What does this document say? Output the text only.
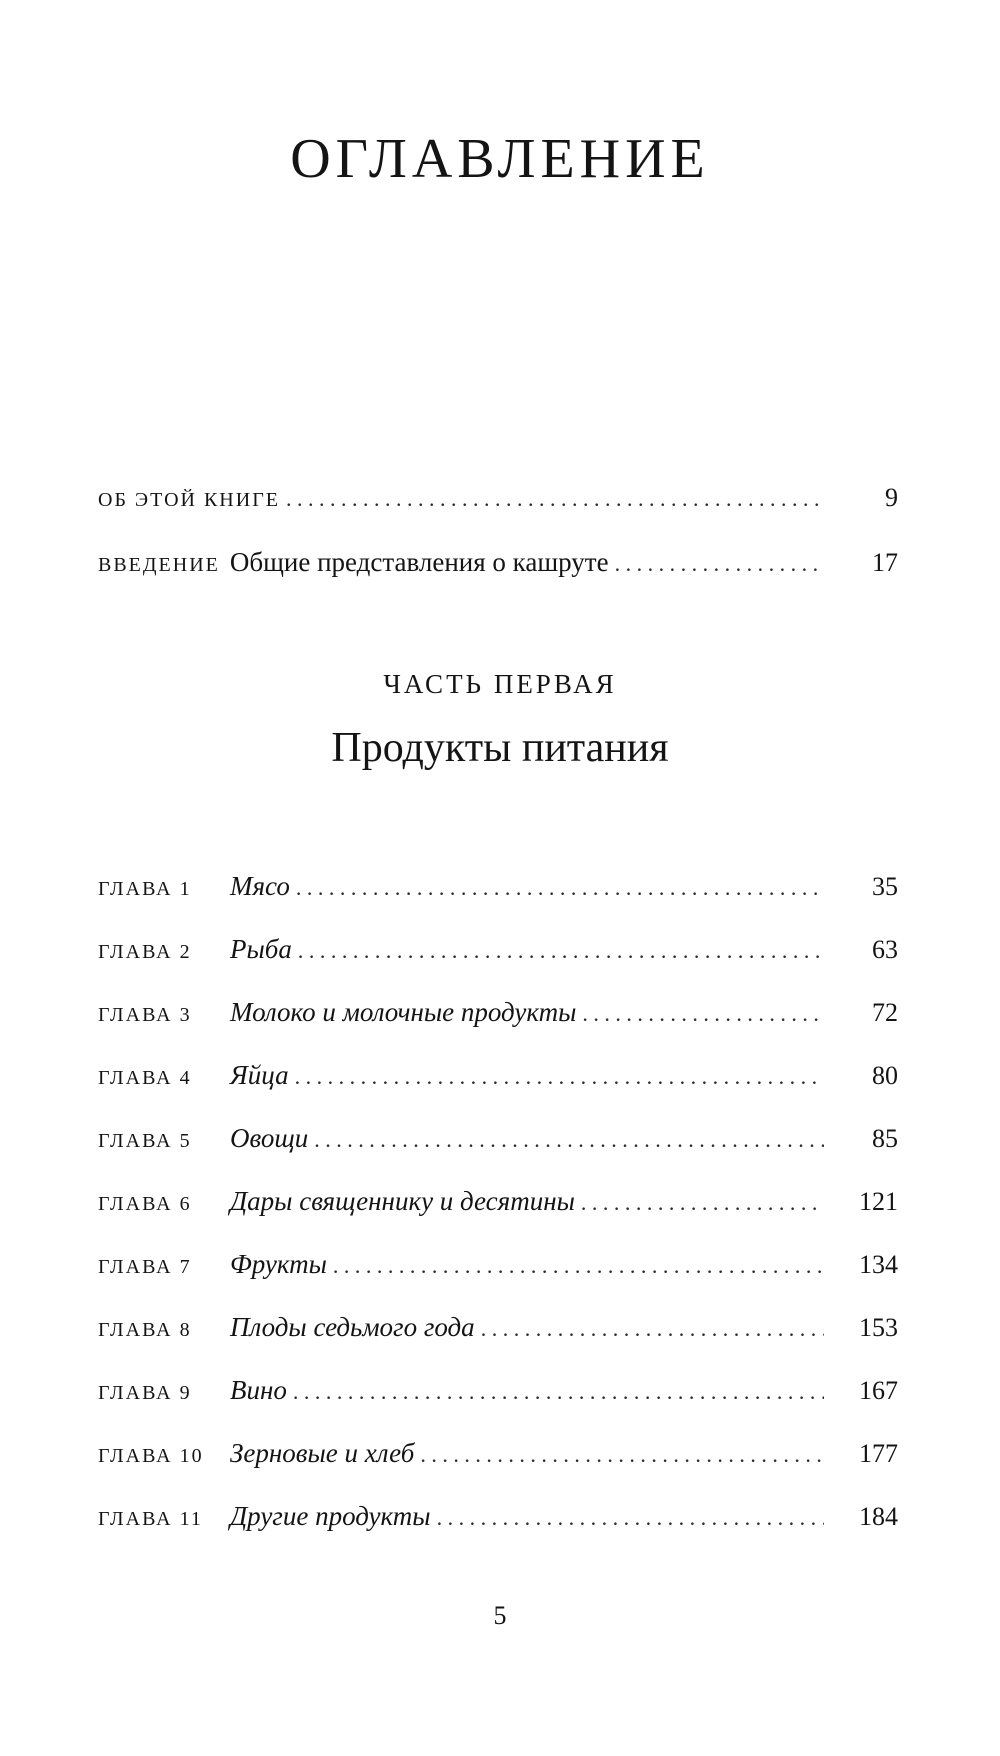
ОГЛАВЛЕНИЕ
ОБ ЭТОЙ КНИГЕ . . .	9
ВВЕДЕНИЕ Общие представления о кашруте . . .	17
ЧАСТЬ ПЕРВАЯ
Продукты питания
ГЛАВА 1	Мясо . . .	35
ГЛАВА 2	Рыба . . .	63
ГЛАВА 3	Молоко и молочные продукты . . .	72
ГЛАВА 4	Яйца . . .	80
ГЛАВА 5	Овощи . . .	85
ГЛАВА 6	Дары священнику и десятины . . .	121
ГЛАВА 7	Фрукты . . .	134
ГЛАВА 8	Плоды седьмого года . . .	153
ГЛАВА 9	Вино . . .	167
ГЛАВА 10 Зерновые и хлеб . . .	177
ГЛАВА 11	Другие продукты . . .	184
5
